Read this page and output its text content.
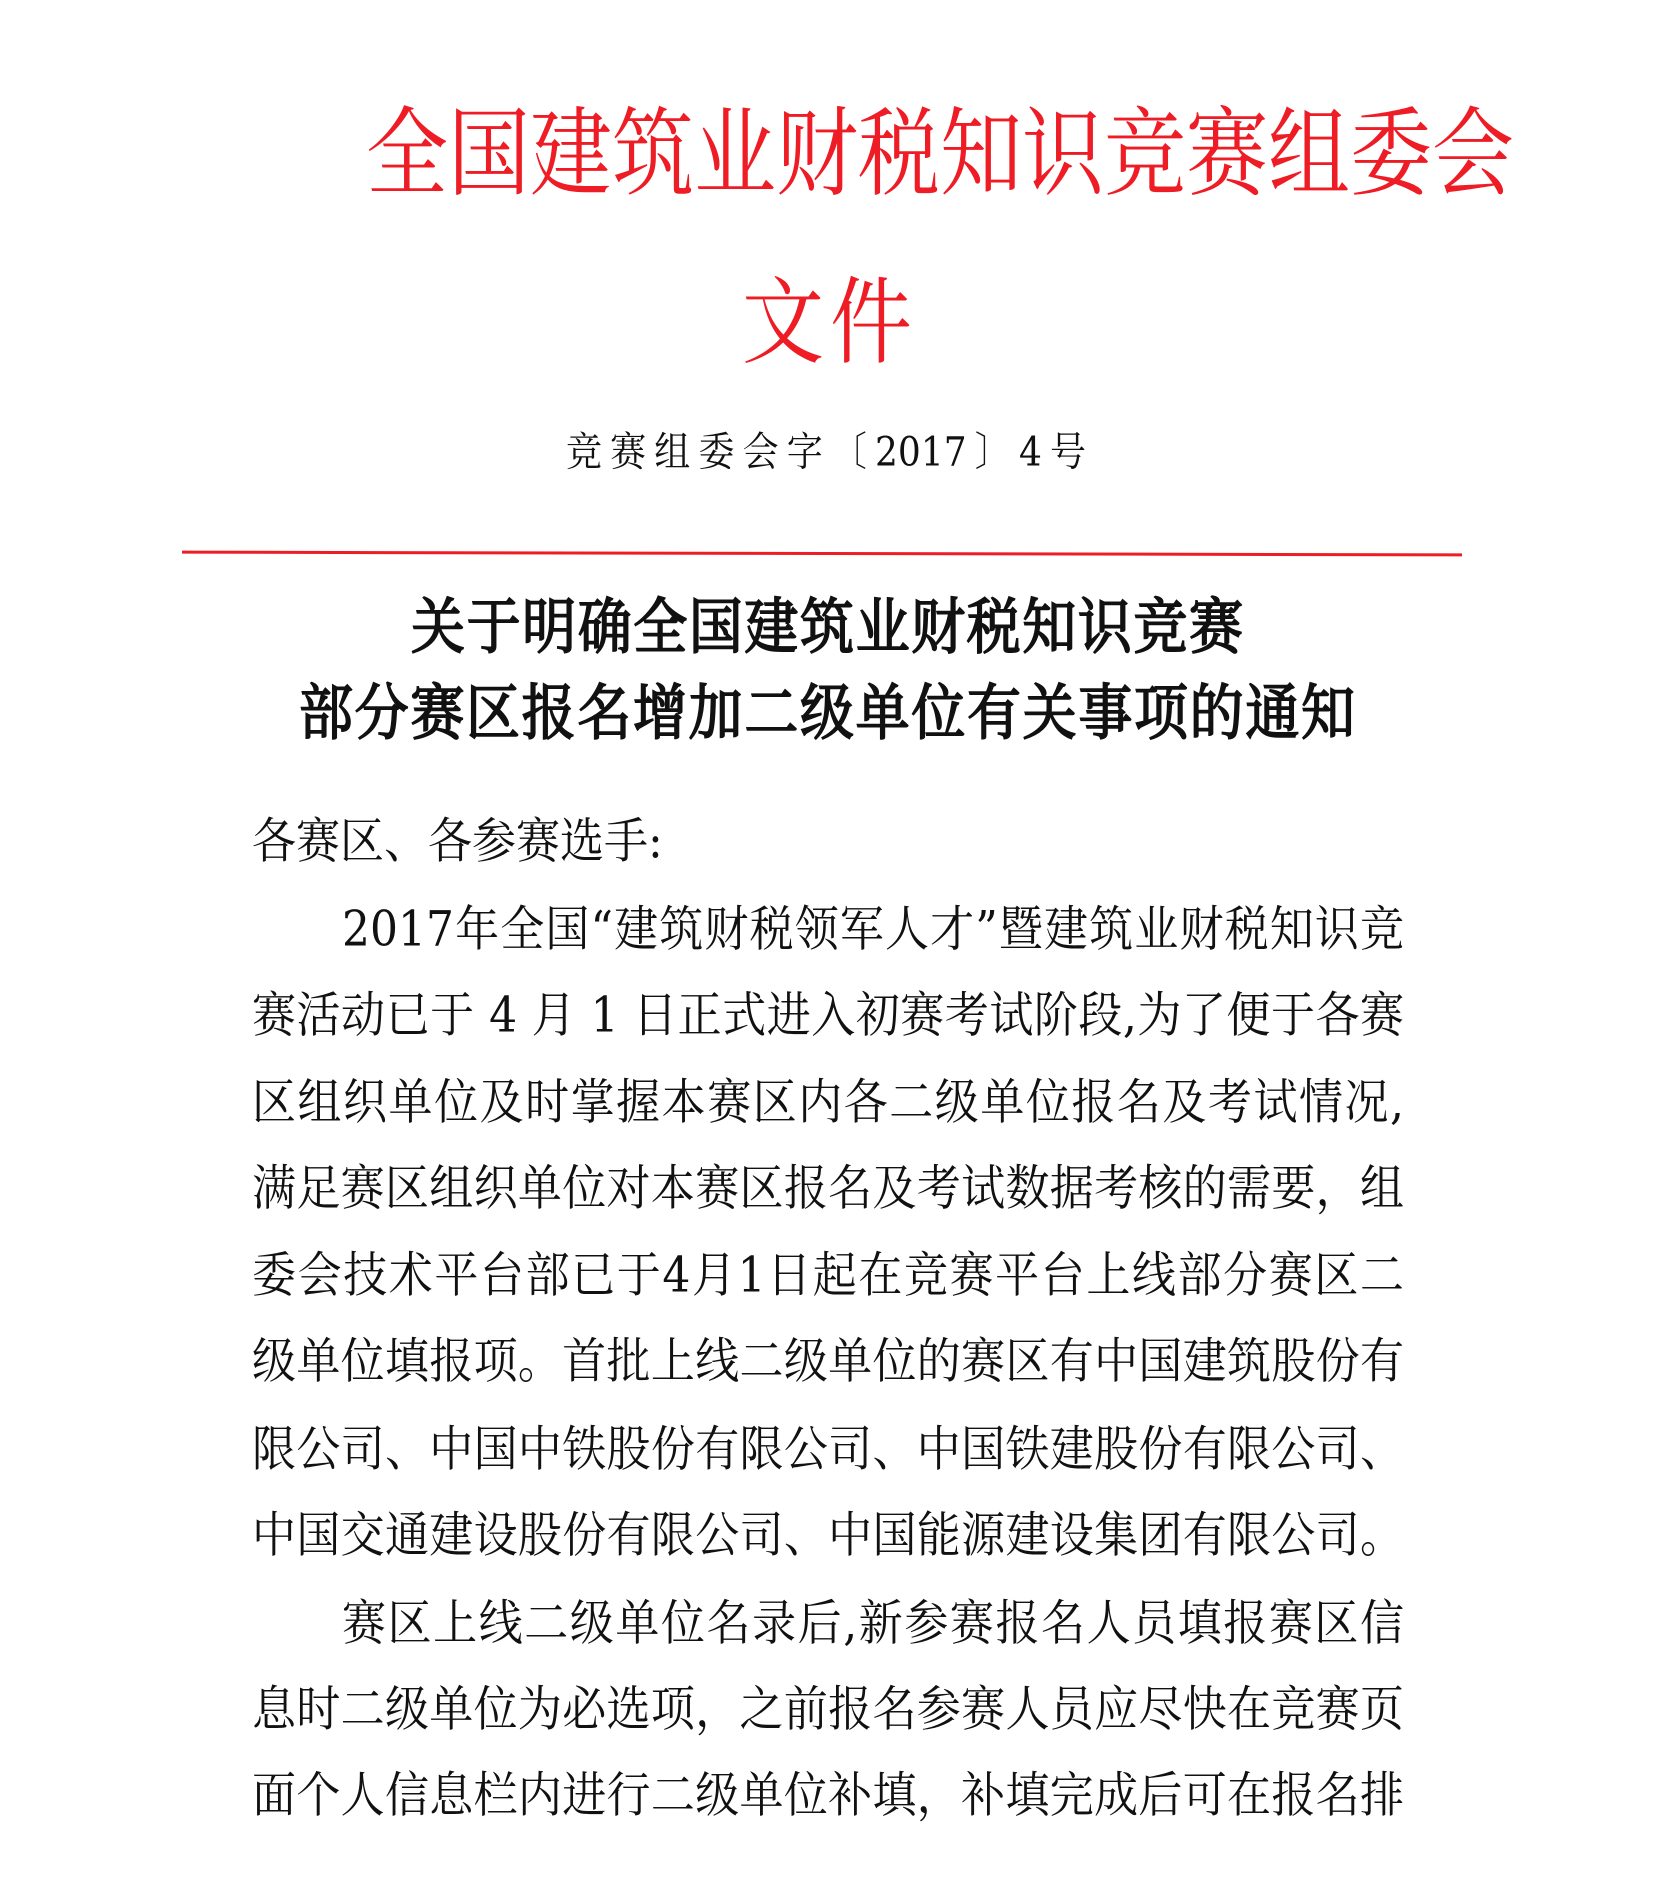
全国建筑业财税知识竞赛组委会
文件
竞赛组委会字〔2017〕4号
关于明确全国建筑业财税知识竞赛
部分赛区报名增加二级单位有关事项的通知
各赛区、各参赛选手:
2017年全国“建筑财税领军人才”暨建筑业财税知识竞
赛活动已于 4 月 1 日正式进入初赛考试阶段,为了便于各赛
区组织单位及时掌握本赛区内各二级单位报名及考试情况,
满足赛区组织单位对本赛区报名及考试数据考核的需要，组
委会技术平台部已于4月1日起在竞赛平台上线部分赛区二
级单位填报项。首批上线二级单位的赛区有中国建筑股份有
限公司、中国中铁股份有限公司、中国铁建股份有限公司、
中国交通建设股份有限公司、中国能源建设集团有限公司。
赛区上线二级单位名录后,新参赛报名人员填报赛区信
息时二级单位为必选项，之前报名参赛人员应尽快在竞赛页
面个人信息栏内进行二级单位补填，补填完成后可在报名排
